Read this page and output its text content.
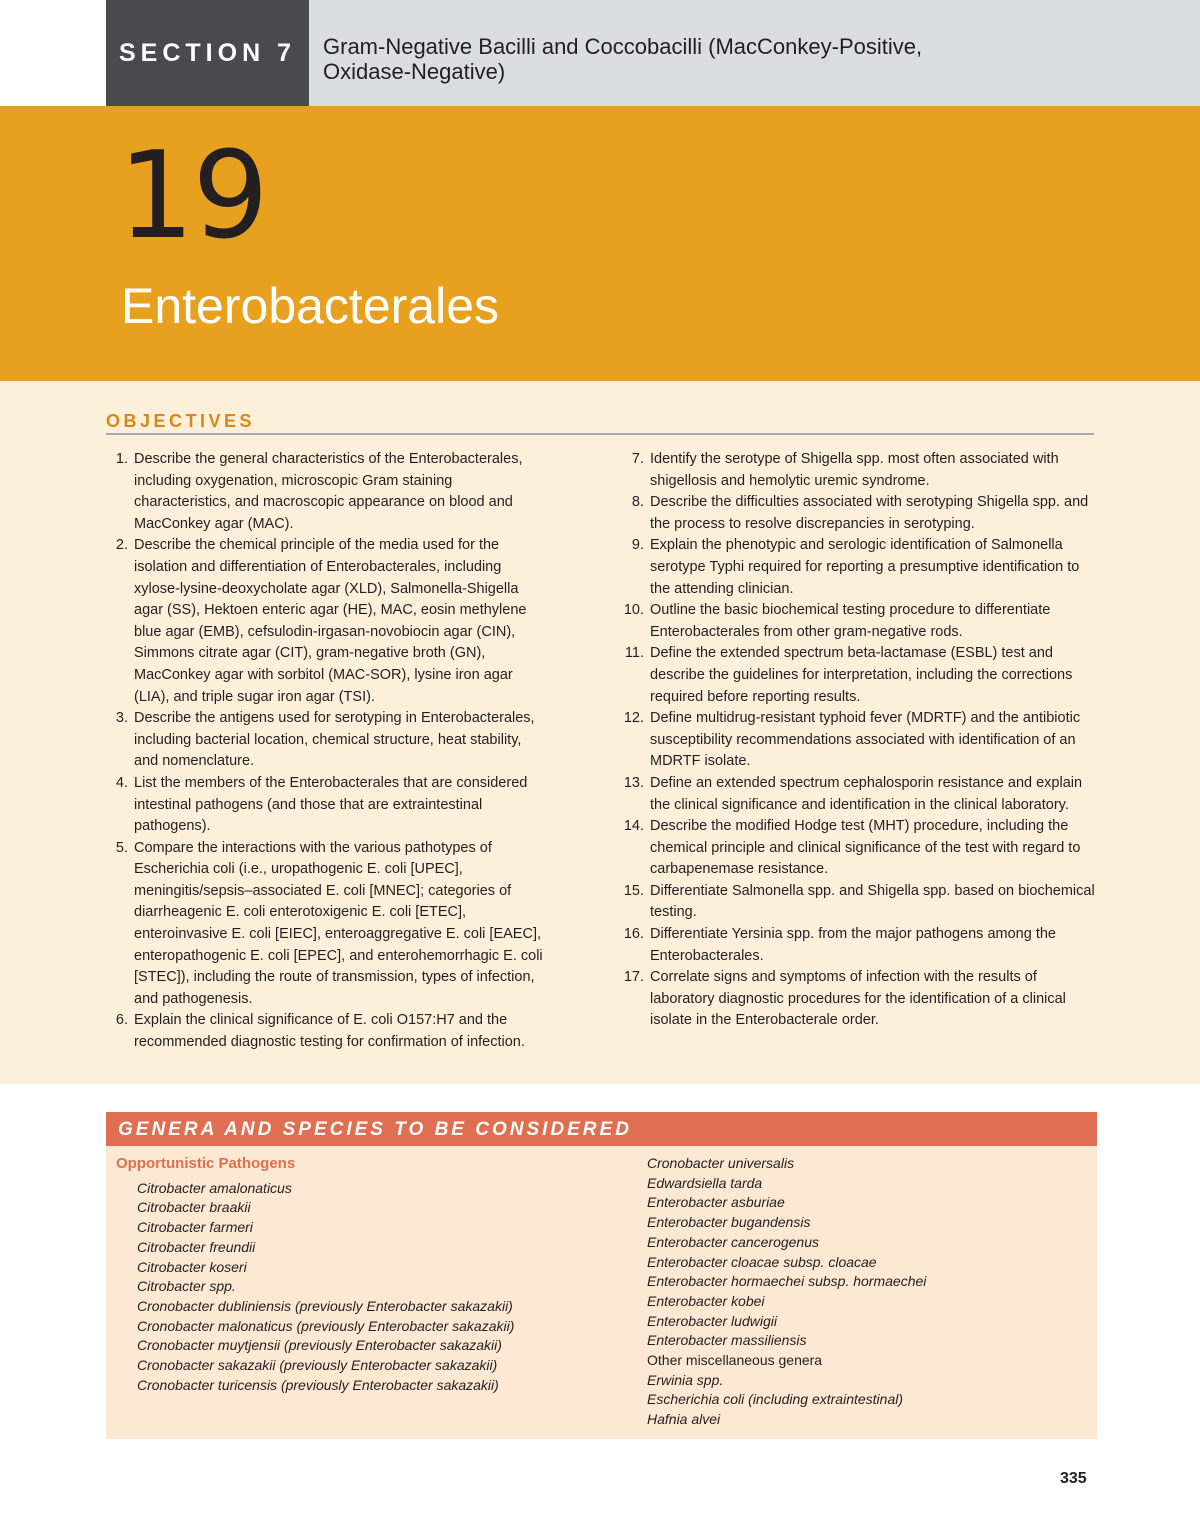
SECTION 7 Gram-Negative Bacilli and Coccobacilli (MacConkey-Positive,
Oxidase-Negative)
19
Enterobacterales
OBJECTIVES
1. Describe the general characteristics of the Enterobacterales, including oxygenation, microscopic Gram staining characteristics, and macroscopic appearance on blood and MacConkey agar (MAC).
2. Describe the chemical principle of the media used for the isolation and differentiation of Enterobacterales, including xylose-lysine-deoxycholate agar (XLD), Salmonella-Shigella agar (SS), Hektoen enteric agar (HE), MAC, eosin methylene blue agar (EMB), cefsulodin-irgasan-novobiocin agar (CIN), Simmons citrate agar (CIT), gram-negative broth (GN), MacConkey agar with sorbitol (MAC-SOR), lysine iron agar (LIA), and triple sugar iron agar (TSI).
3. Describe the antigens used for serotyping in Enterobacterales, including bacterial location, chemical structure, heat stability, and nomenclature.
4. List the members of the Enterobacterales that are considered intestinal pathogens (and those that are extraintestinal pathogens).
5. Compare the interactions with the various pathotypes of Escherichia coli (i.e., uropathogenic E. coli [UPEC], meningitis/sepsis–associated E. coli [MNEC]; categories of diarrheagenic E. coli enterotoxigenic E. coli [ETEC], enteroinvasive E. coli [EIEC], enteroaggregative E. coli [EAEC], enteropathogenic E. coli [EPEC], and enterohemorrhagic E. coli [STEC]), including the route of transmission, types of infection, and pathogenesis.
6. Explain the clinical significance of E. coli O157:H7 and the recommended diagnostic testing for confirmation of infection.
7. Identify the serotype of Shigella spp. most often associated with shigellosis and hemolytic uremic syndrome.
8. Describe the difficulties associated with serotyping Shigella spp. and the process to resolve discrepancies in serotyping.
9. Explain the phenotypic and serologic identification of Salmonella serotype Typhi required for reporting a presumptive identification to the attending clinician.
10. Outline the basic biochemical testing procedure to differentiate Enterobacterales from other gram-negative rods.
11. Define the extended spectrum beta-lactamase (ESBL) test and describe the guidelines for interpretation, including the corrections required before reporting results.
12. Define multidrug-resistant typhoid fever (MDRTF) and the antibiotic susceptibility recommendations associated with identification of an MDRTF isolate.
13. Define an extended spectrum cephalosporin resistance and explain the clinical significance and identification in the clinical laboratory.
14. Describe the modified Hodge test (MHT) procedure, including the chemical principle and clinical significance of the test with regard to carbapenemase resistance.
15. Differentiate Salmonella spp. and Shigella spp. based on biochemical testing.
16. Differentiate Yersinia spp. from the major pathogens among the Enterobacterales.
17. Correlate signs and symptoms of infection with the results of laboratory diagnostic procedures for the identification of a clinical isolate in the Enterobacterale order.
GENERA AND SPECIES TO BE CONSIDERED
Opportunistic Pathogens
Citrobacter amalonaticus
Citrobacter braakii
Citrobacter farmeri
Citrobacter freundii
Citrobacter koseri
Citrobacter spp.
Cronobacter dubliniensis (previously Enterobacter sakazakii)
Cronobacter malonaticus (previously Enterobacter sakazakii)
Cronobacter muytjensii (previously Enterobacter sakazakii)
Cronobacter sakazakii (previously Enterobacter sakazakii)
Cronobacter turicensis (previously Enterobacter sakazakii)
Cronobacter universalis
Edwardsiella tarda
Enterobacter asburiae
Enterobacter bugandensis
Enterobacter cancerogenus
Enterobacter cloacae subsp. cloacae
Enterobacter hormaechei subsp. hormaechei
Enterobacter kobei
Enterobacter ludwigii
Enterobacter massiliensis
Other miscellaneous genera
Erwinia spp.
Escherichia coli (including extraintestinal)
Hafnia alvei
335
